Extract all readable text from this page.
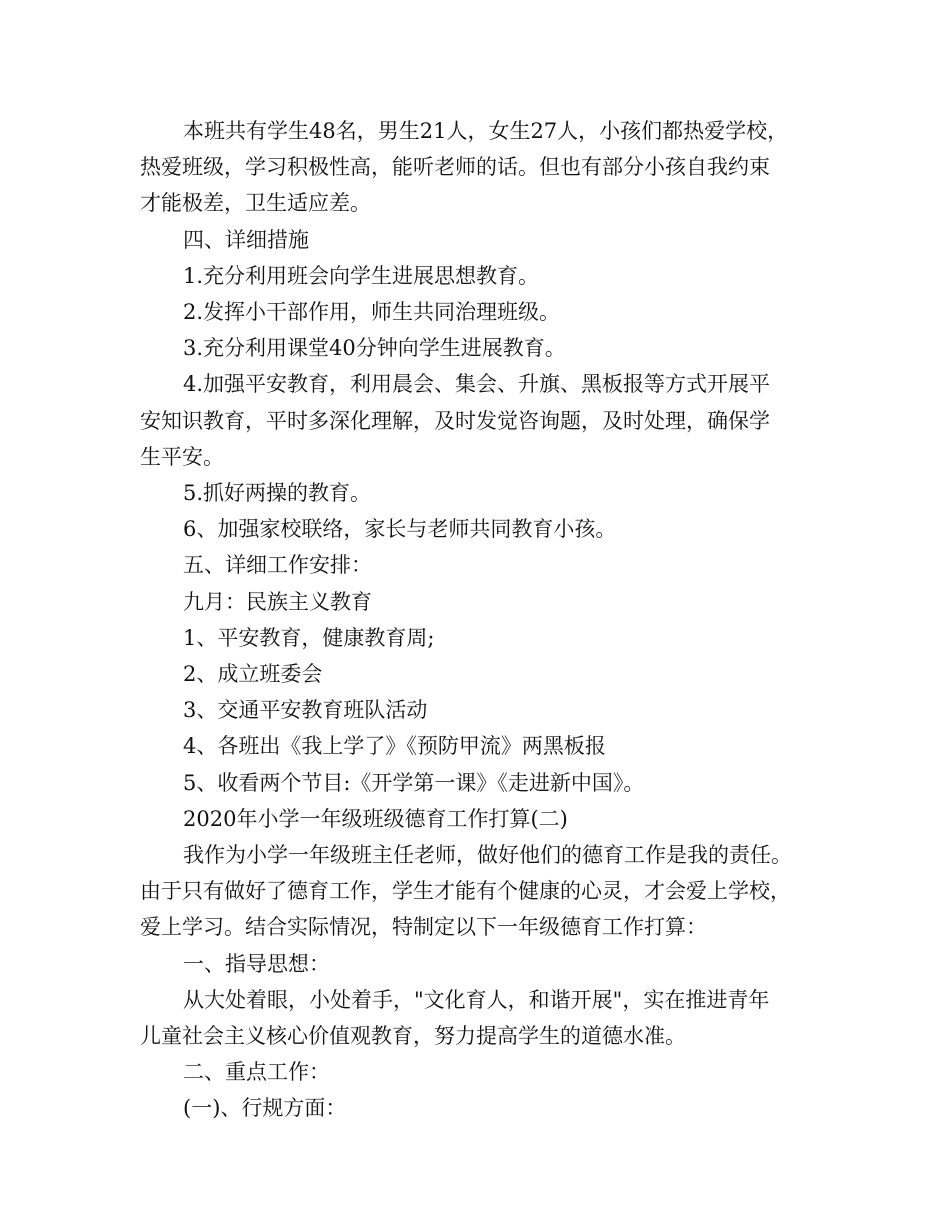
本班共有学生48名，男生21人，女生27人，小孩们都热爱学校，

热爱班级，学习积极性高，能听老师的话。但也有部分小孩自我约束

才能极差，卫生适应差。

四、详细措施

1.充分利用班会向学生进展思想教育。

2.发挥小干部作用，师生共同治理班级。

3.充分利用课堂40分钟向学生进展教育。

4.加强平安教育，利用晨会、集会、升旗、黑板报等方式开展平

安知识教育，平时多深化理解，及时发觉咨询题，及时处理，确保学

生平安。

5.抓好两操的教育。

6、加强家校联络，家长与老师共同教育小孩。

五、详细工作安排：

九月：民族主义教育

1、平安教育，健康教育周;

2、成立班委会

3、交通平安教育班队活动

4、各班出《我上学了》《预防甲流》两黑板报

5、收看两个节目:《开学第一课》《走进新中国》。

2020年小学一年级班级德育工作打算(二)

我作为小学一年级班主任老师，做好他们的德育工作是我的责任。

由于只有做好了德育工作，学生才能有个健康的心灵，才会爱上学校，

爱上学习。结合实际情况，特制定以下一年级德育工作打算：

一、指导思想：

从大处着眼，小处着手，"文化育人，和谐开展"，实在推进青年

儿童社会主义核心价值观教育，努力提高学生的道德水准。

二、重点工作：

(一)、行规方面：
